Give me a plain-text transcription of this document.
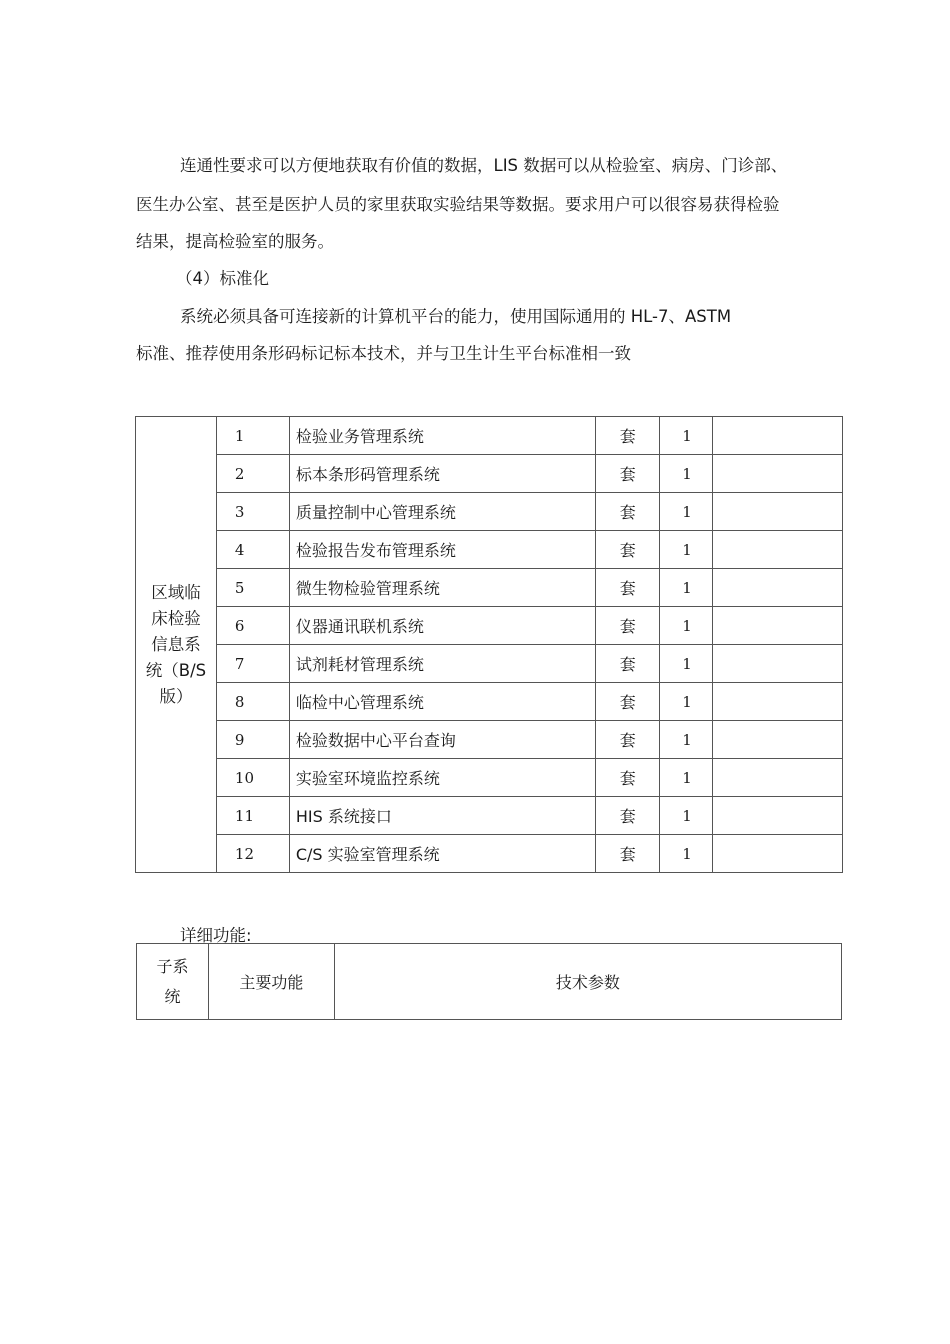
连通性要求可以方便地获取有价值的数据，LIS 数据可以从检验室、病房、门诊部、
医生办公室、甚至是医护人员的家里获取实验结果等数据。要求用户可以很容易获得检验
结果，提高检验室的服务。
（4）标准化
系统必须具备可连接新的计算机平台的能力，使用国际通用的 HL-7、ASTM
标准、推荐使用条形码标记标本技术，并与卫生计生平台标准相一致
区域临
床检验
信息系
统（B/S
版）	1	检验业务管理系统	套	1	
	2	标本条形码管理系统	套	1	
	3	质量控制中心管理系统	套	1	
	4	检验报告发布管理系统	套	1	
	5	微生物检验管理系统	套	1	
	6	仪器通讯联机系统	套	1	
	7	试剂耗材管理系统	套	1	
	8	临检中心管理系统	套	1	
	9	检验数据中心平台查询	套	1	
	10	实验室环境监控系统	套	1	
	11	HIS 系统接口	套	1	
	12	C/S 实验室管理系统	套	1	
详细功能:
子系
统
	主要功能	技术参数
